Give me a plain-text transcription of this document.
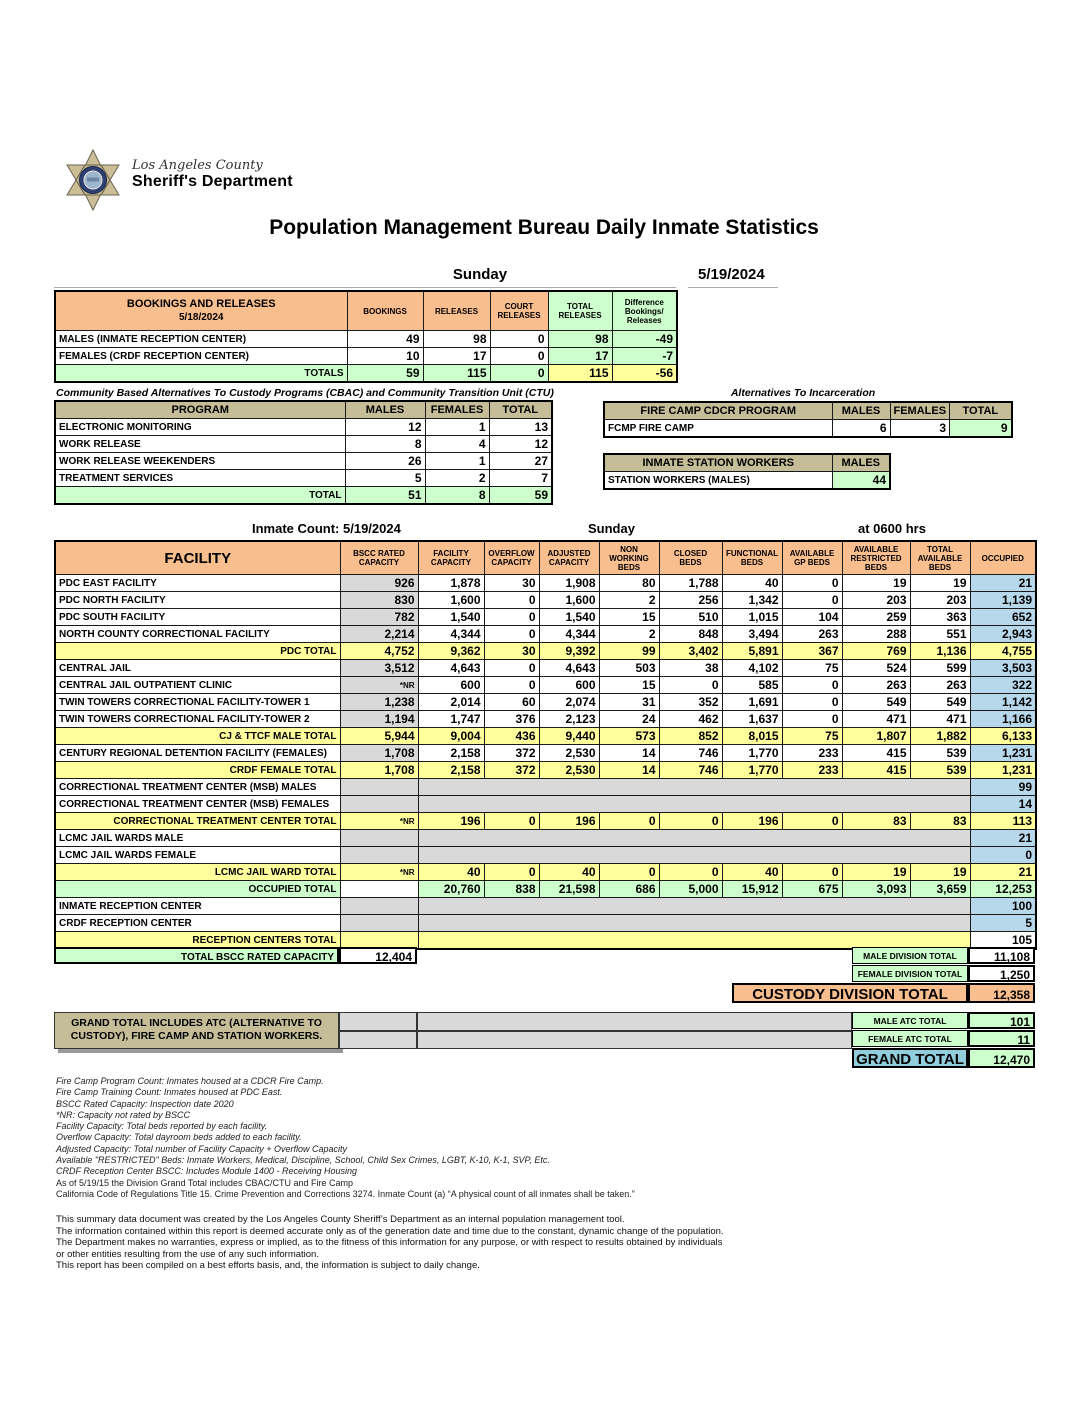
Los Angeles County
Sheriff's Department
Population Management Bureau Daily Inmate Statistics
Sunday	5/19/2024
BOOKINGS AND RELEASES
5/18/2024	BOOKINGS	RELEASES	COURT RELEASES	TOTAL RELEASES	Difference Bookings/ Releases
MALES (INMATE RECEPTION CENTER)	49	98	0	98	-49
FEMALES (CRDF RECEPTION CENTER)	10	17	0	17	-7
TOTALS	59	115	0	115	-56
Community Based Alternatives To Custody Programs (CBAC) and Community Transition Unit (CTU)
PROGRAM	MALES	FEMALES	TOTAL
ELECTRONIC MONITORING	12	1	13
WORK RELEASE	8	4	12
WORK RELEASE WEEKENDERS	26	1	27
TREATMENT SERVICES	5	2	7
TOTAL	51	8	59
Alternatives To Incarceration
FIRE CAMP CDCR PROGRAM	MALES	FEMALES	TOTAL
FCMP FIRE CAMP	6	3	9
INMATE STATION WORKERS	MALES
STATION WORKERS (MALES)	44
Inmate Count: 5/19/2024	Sunday	at 0600 hrs
FACILITY	BSCC RATED CAPACITY	FACILITY CAPACITY	OVERFLOW CAPACITY	ADJUSTED CAPACITY	NON WORKING BEDS	CLOSED BEDS	FUNCTIONAL BEDS	AVAILABLE GP BEDS	AVAILABLE RESTRICTED BEDS	TOTAL AVAILABLE BEDS	OCCUPIED
PDC EAST FACILITY	926	1,878	30	1,908	80	1,788	40	0	19	19	21
PDC NORTH FACILITY	830	1,600	0	1,600	2	256	1,342	0	203	203	1,139
PDC SOUTH FACILITY	782	1,540	0	1,540	15	510	1,015	104	259	363	652
NORTH COUNTY CORRECTIONAL FACILITY	2,214	4,344	0	4,344	2	848	3,494	263	288	551	2,943
PDC TOTAL	4,752	9,362	30	9,392	99	3,402	5,891	367	769	1,136	4,755
CENTRAL JAIL	3,512	4,643	0	4,643	503	38	4,102	75	524	599	3,503
CENTRAL JAIL OUTPATIENT CLINIC	*NR	600	0	600	15	0	585	0	263	263	322
TWIN TOWERS CORRECTIONAL FACILITY-TOWER 1	1,238	2,014	60	2,074	31	352	1,691	0	549	549	1,142
TWIN TOWERS CORRECTIONAL FACILITY-TOWER 2	1,194	1,747	376	2,123	24	462	1,637	0	471	471	1,166
CJ & TTCF MALE TOTAL	5,944	9,004	436	9,440	573	852	8,015	75	1,807	1,882	6,133
CENTURY REGIONAL DETENTION FACILITY (FEMALES)	1,708	2,158	372	2,530	14	746	1,770	233	415	539	1,231
CRDF FEMALE TOTAL	1,708	2,158	372	2,530	14	746	1,770	233	415	539	1,231
CORRECTIONAL TREATMENT CENTER (MSB) MALES											99
CORRECTIONAL TREATMENT CENTER (MSB) FEMALES											14
CORRECTIONAL TREATMENT CENTER TOTAL	*NR	196	0	196	0	0	196	0	83	83	113
LCMC JAIL WARDS MALE											21
LCMC JAIL WARDS FEMALE											0
LCMC JAIL WARD TOTAL	*NR	40	0	40	0	0	40	0	19	19	21
OCCUPIED TOTAL		20,760	838	21,598	686	5,000	15,912	675	3,093	3,659	12,253
INMATE RECEPTION CENTER											100
CRDF RECEPTION CENTER											5
RECEPTION CENTERS TOTAL											105
TOTAL BSCC RATED CAPACITY	12,404	MALE DIVISION TOTAL	11,108
FEMALE DIVISION TOTAL	1,250
CUSTODY DIVISION TOTAL	12,358
GRAND TOTAL INCLUDES ATC (ALTERNATIVE TO CUSTODY), FIRE CAMP AND STATION WORKERS.
MALE ATC TOTAL	101
FEMALE ATC TOTAL	11
GRAND TOTAL	12,470
Fire Camp Program Count: Inmates housed at a CDCR Fire Camp.
Fire Camp Training Count: Inmates housed at PDC East.
BSCC Rated Capacity: Inspection date 2020
*NR: Capacity not rated by BSCC
Facility Capacity: Total beds reported by each facility.
Overflow Capacity: Total dayroom beds added to each facility.
Adjusted Capacity: Total number of Facility Capacity + Overflow Capacity
Available "RESTRICTED" Beds: Inmate Workers, Medical, Discipline, School, Child Sex Crimes, LGBT, K-10, K-1, SVP, Etc.
CRDF Reception Center BSCC: Includes Module 1400 - Receiving Housing
As of 5/19/15 the Division Grand Total includes CBAC/CTU and Fire Camp
California Code of Regulations Title 15. Crime Prevention and Corrections 3274. Inmate Count (a) “A physical count of all inmates shall be taken.”
This summary data document was created by the Los Angeles County Sheriff’s Department as an internal population management tool.
The information contained within this report is deemed accurate only as of the generation date and time due to the constant, dynamic change of the population.
The Department makes no warranties, express or implied, as to the fitness of this information for any purpose, or with respect to results obtained by individuals
or other entities resulting from the use of any such information.
This report has been compiled on a best efforts basis, and, the information is subject to daily change.
